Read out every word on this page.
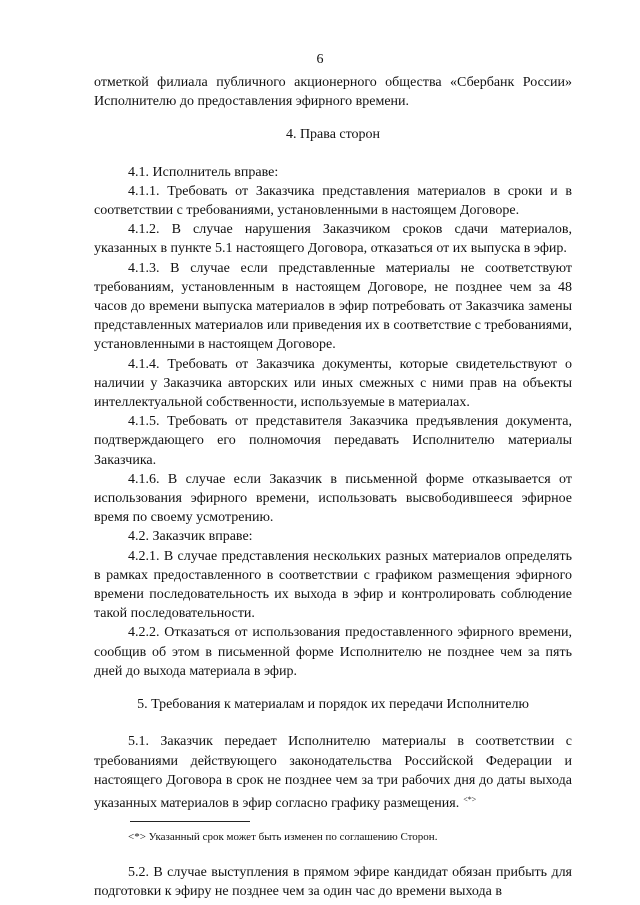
6

отметкой филиала публичного акционерного общества «Сбербанк России» Исполнителю до предоставления эфирного времени.

4. Права сторон

4.1. Исполнитель вправе:

4.1.1. Требовать от Заказчика представления материалов в сроки и в соответствии с требованиями, установленными в настоящем Договоре.

4.1.2. В случае нарушения Заказчиком сроков сдачи материалов, указанных в пункте 5.1 настоящего Договора, отказаться от их выпуска в эфир.

4.1.3. В случае если представленные материалы не соответствуют требованиям, установленным в настоящем Договоре, не позднее чем за 48 часов до времени выпуска материалов в эфир потребовать от Заказчика замены представленных материалов или приведения их в соответствие с требованиями, установленными в настоящем Договоре.

4.1.4. Требовать от Заказчика документы, которые свидетельствуют о наличии у Заказчика авторских или иных смежных с ними прав на объекты интеллектуальной собственности, используемые в материалах.

4.1.5. Требовать от представителя Заказчика предъявления документа, подтверждающего его полномочия передавать Исполнителю материалы Заказчика.

4.1.6. В случае если Заказчик в письменной форме отказывается от использования эфирного времени, использовать высвободившееся эфирное время по своему усмотрению.

4.2. Заказчик вправе:

4.2.1. В случае представления нескольких разных материалов определять в рамках предоставленного в соответствии с графиком размещения эфирного времени последовательность их выхода в эфир и контролировать соблюдение такой последовательности.

4.2.2. Отказаться от использования предоставленного эфирного времени, сообщив об этом в письменной форме Исполнителю не позднее чем за пять дней до выхода материала в эфир.

5. Требования к материалам и порядок их передачи Исполнителю

5.1. Заказчик передает Исполнителю материалы в соответствии с требованиями действующего законодательства Российской Федерации и настоящего Договора в срок не позднее чем за три рабочих дня до даты выхода указанных материалов в эфир согласно графику размещения. <*>

<*> Указанный срок может быть изменен по соглашению Сторон.

5.2. В случае выступления в прямом эфире кандидат обязан прибыть для подготовки к эфиру не позднее чем за один час до времени выхода в
